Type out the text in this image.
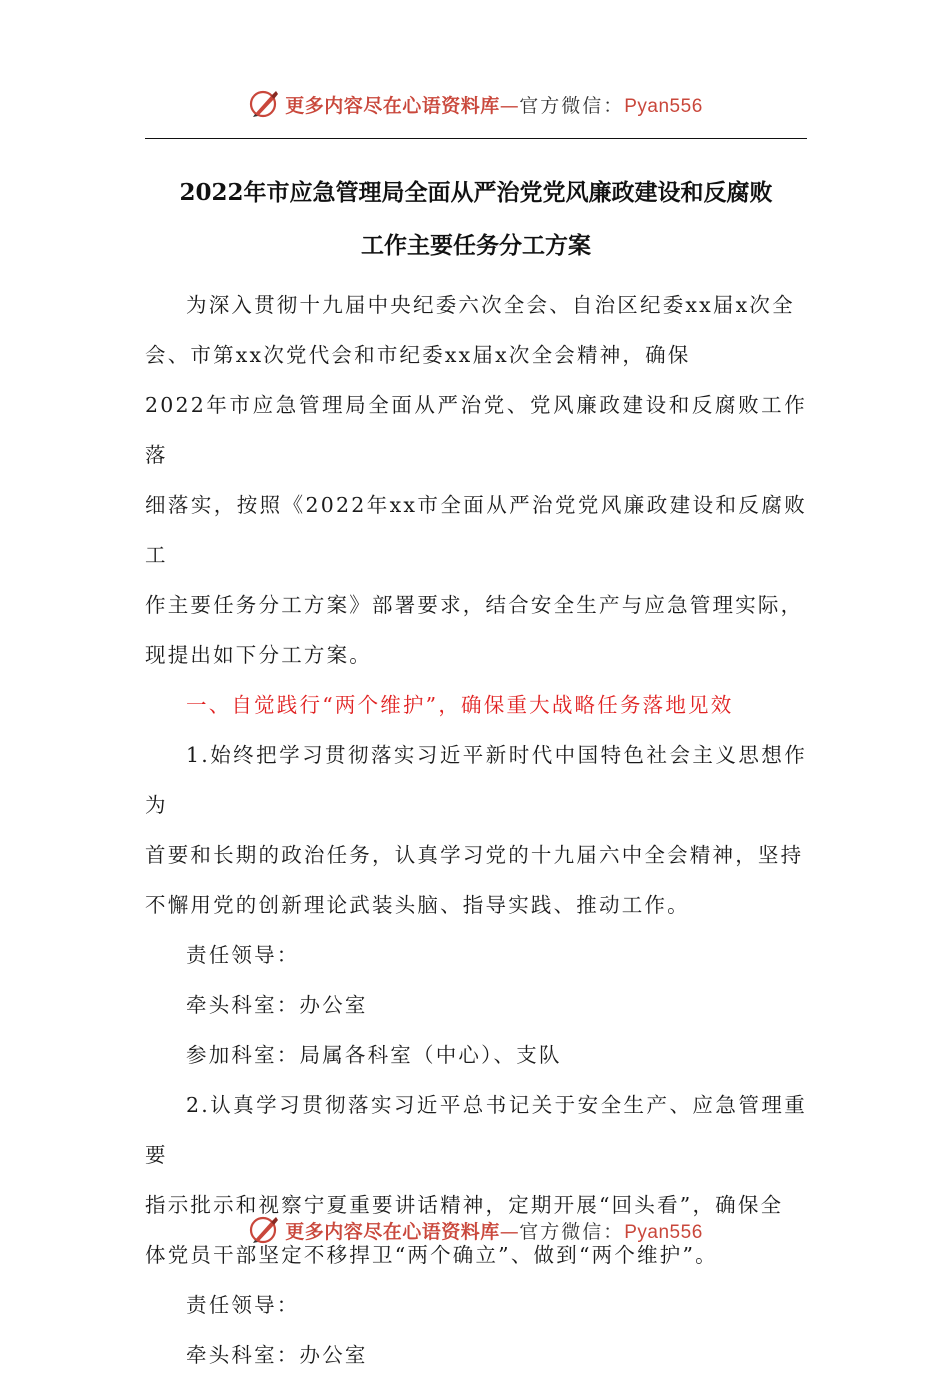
更多内容尽在心语资料库—官方微信：Pyan556
2022年市应急管理局全面从严治党党风廉政建设和反腐败
工作主要任务分工方案

为深入贯彻十九届中央纪委六次全会、自治区纪委xx届x次全
会、市第xx次党代会和市纪委xx届x次全会精神，确保
2022年市应急管理局全面从严治党、党风廉政建设和反腐败工作落
细落实，按照《2022年xx市全面从严治党党风廉政建设和反腐败工
作主要任务分工方案》部署要求，结合安全生产与应急管理实际，
现提出如下分工方案。

一、自觉践行“两个维护”，确保重大战略任务落地见效

1.始终把学习贯彻落实习近平新时代中国特色社会主义思想作为
首要和长期的政治任务，认真学习党的十九届六中全会精神，坚持
不懈用党的创新理论武装头脑、指导实践、推动工作。

责任领导：

牵头科室：办公室

参加科室：局属各科室（中心）、支队

2.认真学习贯彻落实习近平总书记关于安全生产、应急管理重要
指示批示和视察宁夏重要讲话精神，定期开展“回头看”，确保全
体党员干部坚定不移捍卫“两个确立”、做到“两个维护”。

责任领导：

牵头科室：办公室

更多内容尽在心语资料库—官方微信：Pyan556
